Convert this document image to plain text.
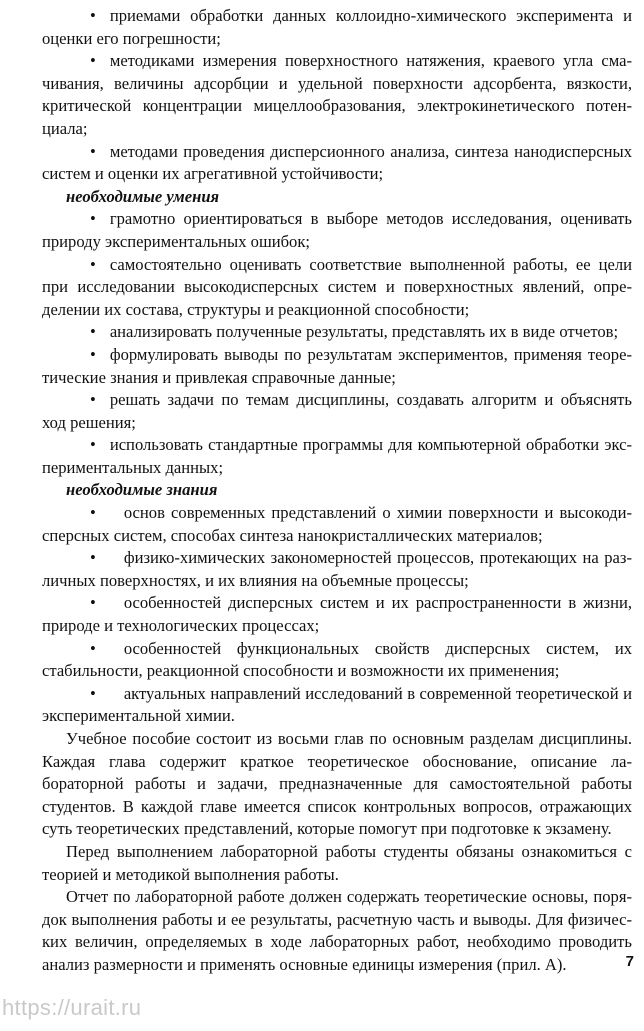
• приемами обработки данных коллоидно-химического эксперимента и оценки его погрешности;

• методиками измерения поверхностного натяжения, краевого угла смачивания, величины адсорбции и удельной поверхности адсорбента, вязкости, критической концентрации мицеллообразования, электрокинетического потенциала;

• методами проведения дисперсионного анализа, синтеза нанодисперсных систем и оценки их агрегативной устойчивости;

необходимые умения

• грамотно ориентироваться в выборе методов исследования, оценивать природу экспериментальных ошибок;

• самостоятельно оценивать соответствие выполненной работы, ее цели при исследовании высокодисперсных систем и поверхностных явлений, определении их состава, структуры и реакционной способности;

• анализировать полученные результаты, представлять их в виде отчетов;

• формулировать выводы по результатам экспериментов, применяя теоретические знания и привлекая справочные данные;

• решать задачи по темам дисциплины, создавать алгоритм и объяснять ход решения;

• использовать стандартные программы для компьютерной обработки экспериментальных данных;

необходимые знания

• основ современных представлений о химии поверхности и высокодисперсных систем, способах синтеза нанокристаллических материалов;

• физико-химических закономерностей процессов, протекающих на различных поверхностях, и их влияния на объемные процессы;

• особенностей дисперсных систем и их распространенности в жизни, природе и технологических процессах;

• особенностей функциональных свойств дисперсных систем, их стабильности, реакционной способности и возможности их применения;

• актуальных направлений исследований в современной теоретической и экспериментальной химии.

Учебное пособие состоит из восьми глав по основным разделам дисциплины. Каждая глава содержит краткое теоретическое обоснование, описание лабораторной работы и задачи, предназначенные для самостоятельной работы студентов. В каждой главе имеется список контрольных вопросов, отражающих суть теоретических представлений, которые помогут при подготовке к экзамену.

Перед выполнением лабораторной работы студенты обязаны ознакомиться с теорией и методикой выполнения работы.

Отчет по лабораторной работе должен содержать теоретические основы, порядок выполнения работы и ее результаты, расчетную часть и выводы. Для физических величин, определяемых в ходе лабораторных работ, необходимо проводить анализ размерности и применять основные единицы измерения (прил. А).	7
https://urait.ru
